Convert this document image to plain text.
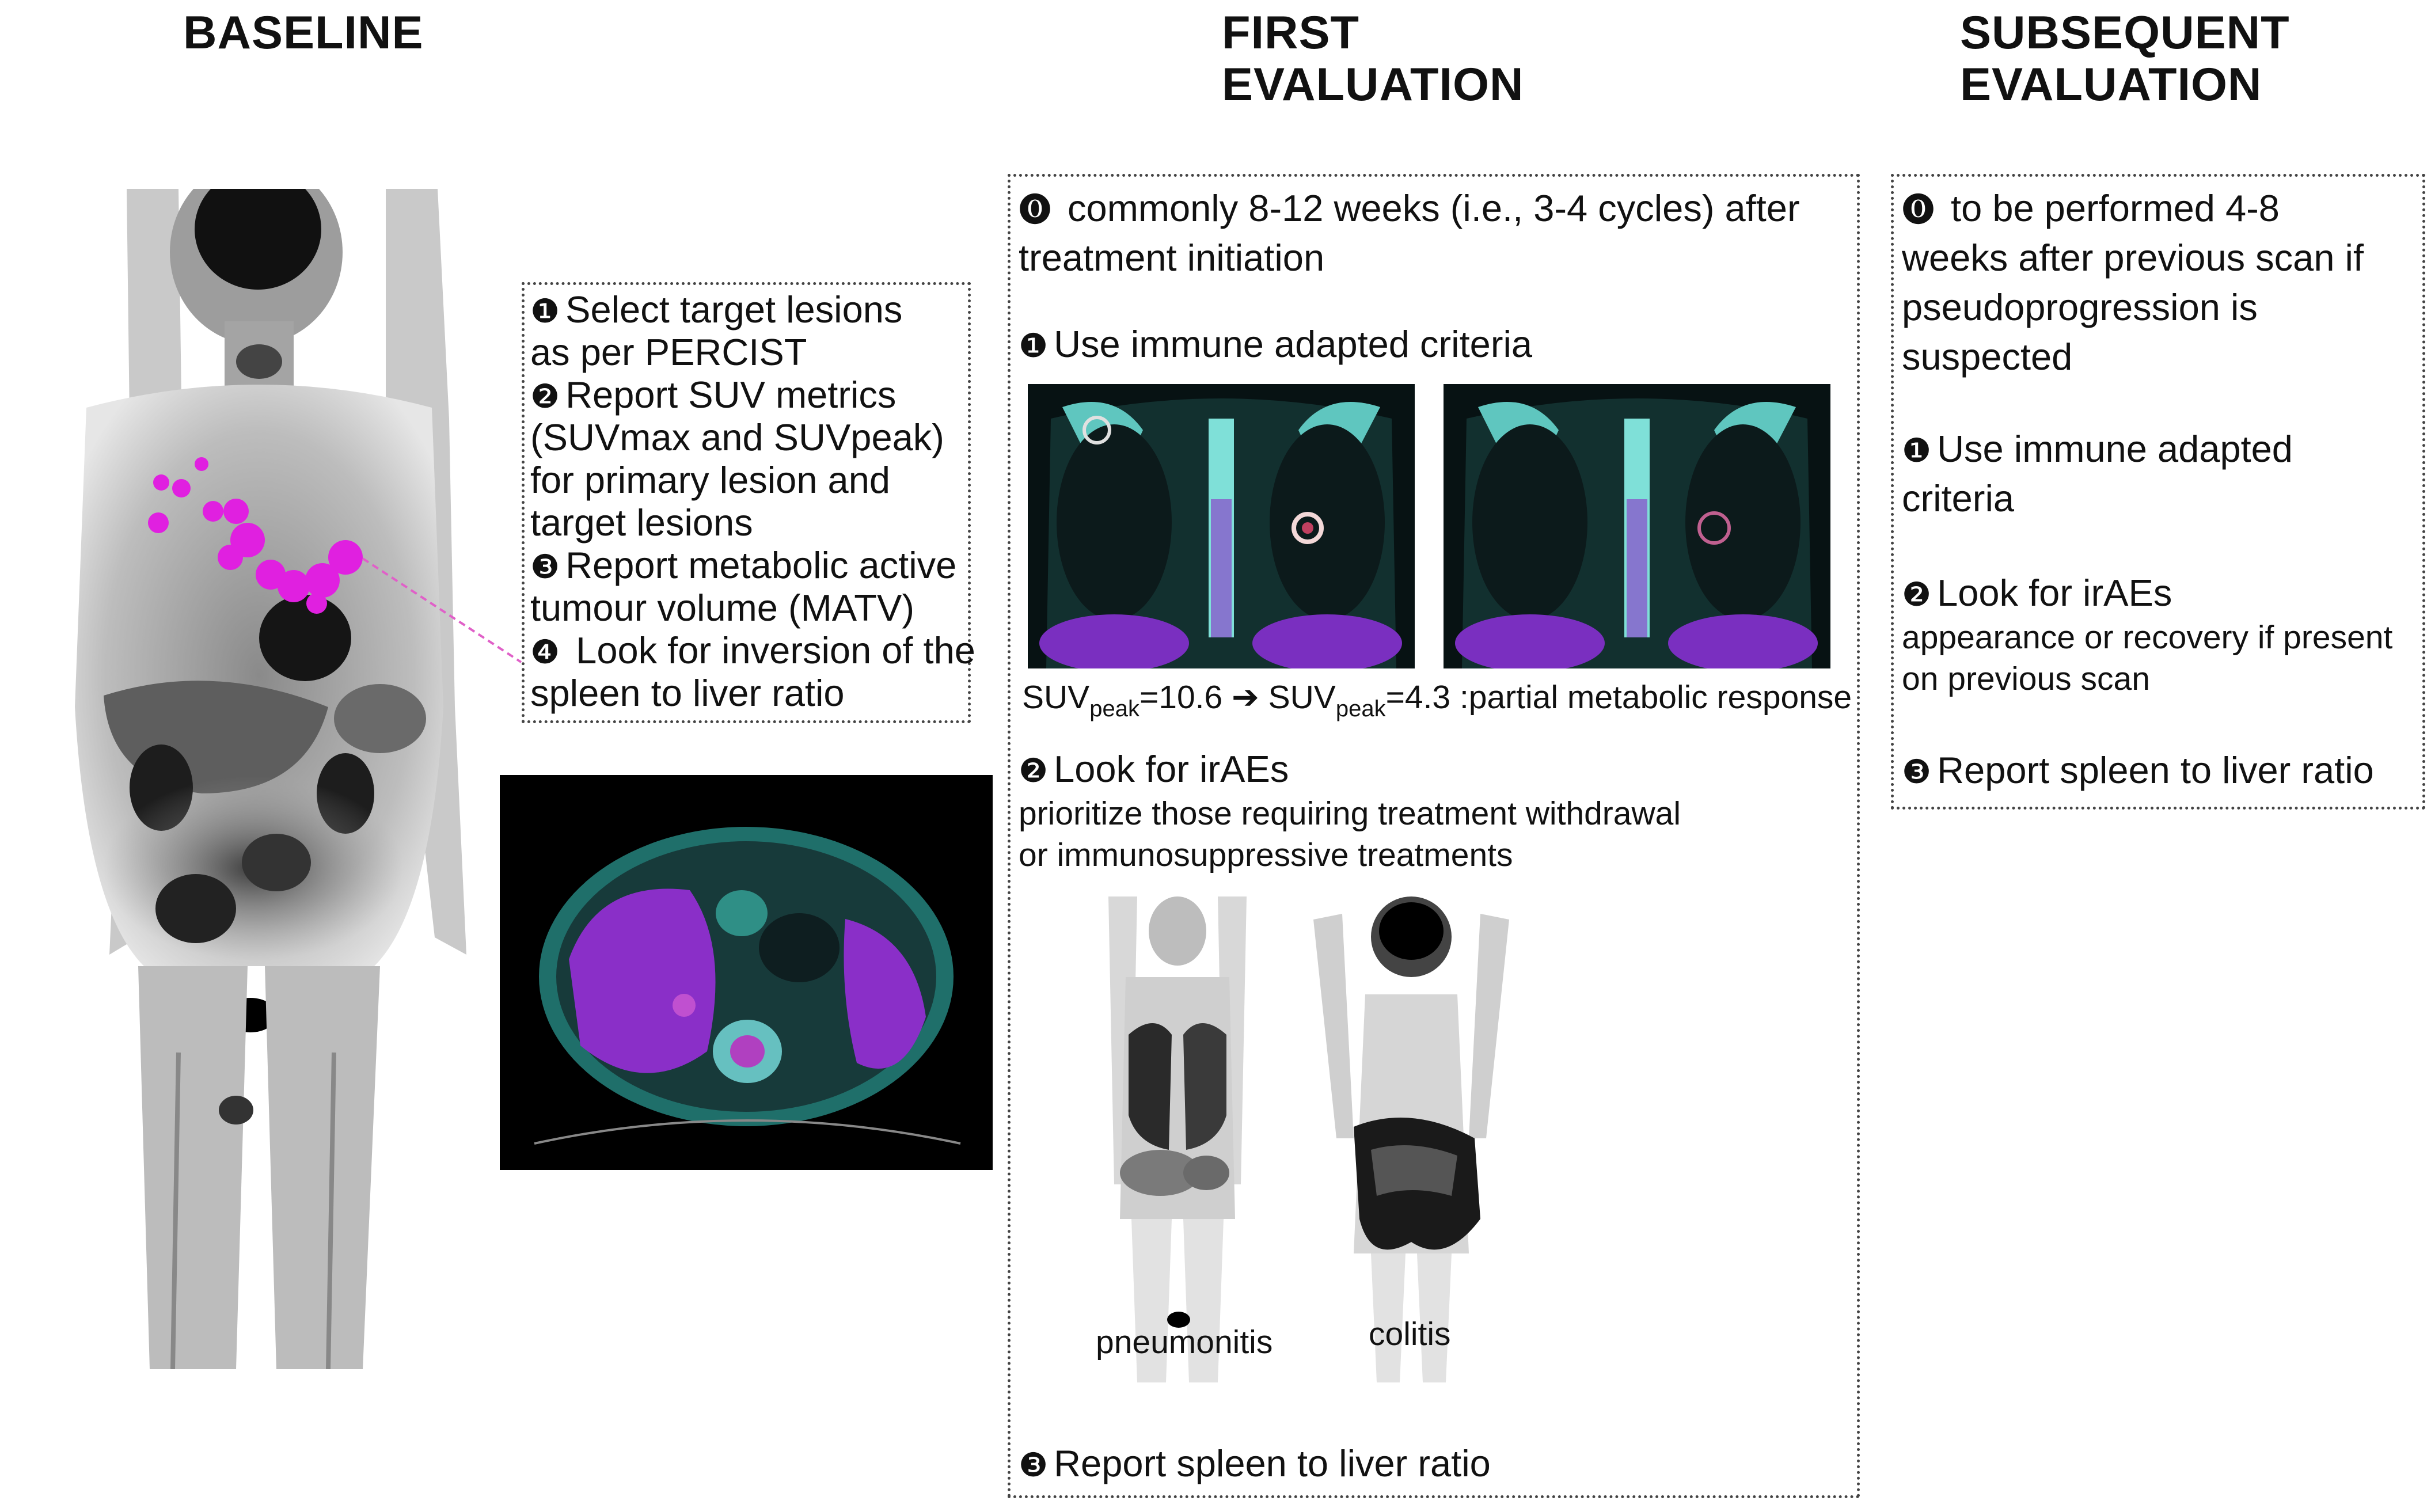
BASELINE	FIRST
EVALUATION
SUBSEQUENT
EVALUATION
❶ Select target lesions
as per PERCIST
❷ Report SUV metrics
(SUVmax and SUVpeak)
for primary lesion and
target lesions
❸ Report metabolic active
tumour volume (MATV)
❹ Look for inversion of the
spleen to liver ratio
⓿ commonly 8-12 weeks (i.e., 3-4 cycles) after
treatment initiation
❶ Use immune adapted criteria
$SUV_{peak}=10.6$ ➔ $SUV_{peak}=4.3$ :partial metabolic response
❷ Look for irAEs
prioritize those requiring treatment withdrawal
or immunosuppressive treatments
pneumonitis	colitis
❸ Report spleen to liver ratio
⓿ to be performed 4-8
weeks after previous scan if
pseudoprogression is
suspected
❶ Use immune adapted
criteria
❷ Look for irAEs
appearance or recovery if present
on previous scan
❸ Report spleen to liver ratio
